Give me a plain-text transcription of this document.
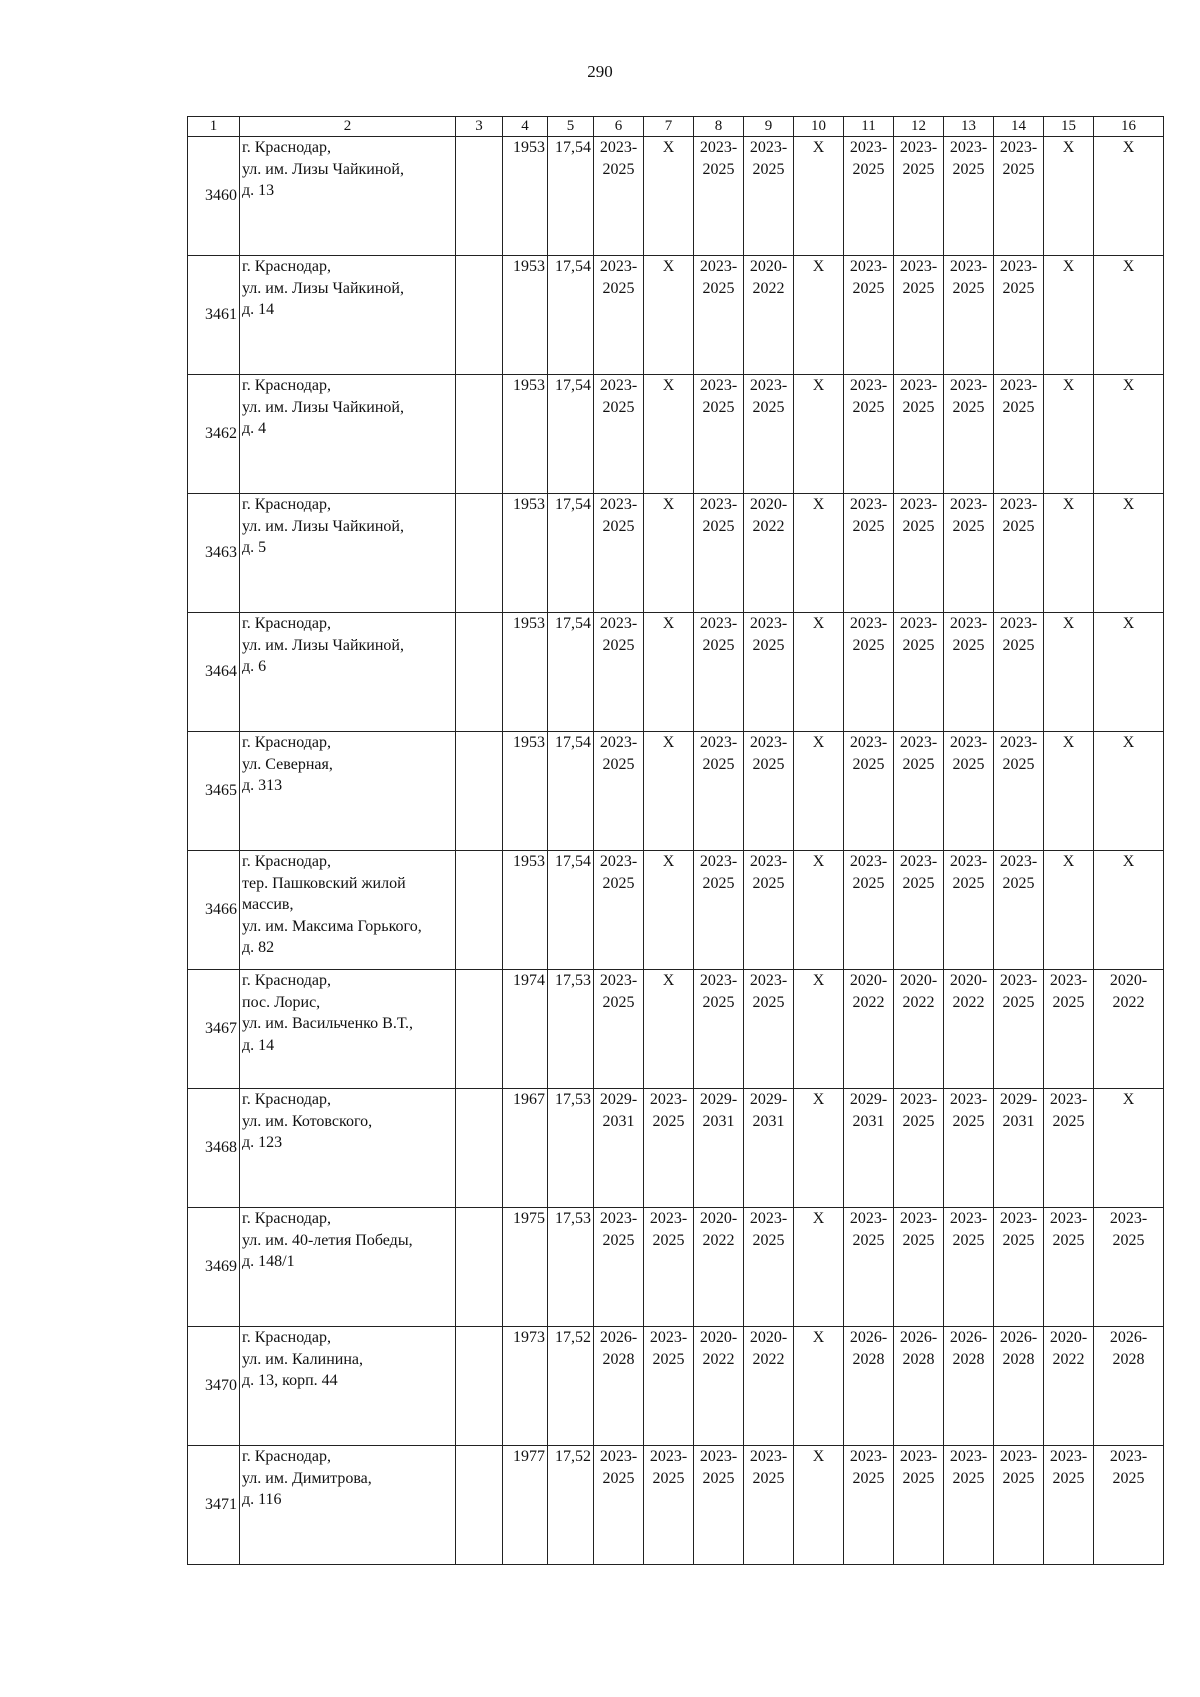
290
1	2	3	4	5	6	7	8	9	10	11	12	13	14	15	16
3460	г. Краснодар,
ул. им. Лизы Чайкиной,
д. 13		1953	17,54	2023-
2025	X	2023-
2025	2023-
2025	X	2023-
2025	2023-
2025	2023-
2025	2023-
2025	X	X
3461	г. Краснодар,
ул. им. Лизы Чайкиной,
д. 14		1953	17,54	2023-
2025	X	2023-
2025	2020-
2022	X	2023-
2025	2023-
2025	2023-
2025	2023-
2025	X	X
3462	г. Краснодар,
ул. им. Лизы Чайкиной,
д. 4		1953	17,54	2023-
2025	X	2023-
2025	2023-
2025	X	2023-
2025	2023-
2025	2023-
2025	2023-
2025	X	X
3463	г. Краснодар,
ул. им. Лизы Чайкиной,
д. 5		1953	17,54	2023-
2025	X	2023-
2025	2020-
2022	X	2023-
2025	2023-
2025	2023-
2025	2023-
2025	X	X
3464	г. Краснодар,
ул. им. Лизы Чайкиной,
д. 6		1953	17,54	2023-
2025	X	2023-
2025	2023-
2025	X	2023-
2025	2023-
2025	2023-
2025	2023-
2025	X	X
3465	г. Краснодар,
ул. Северная,
д. 313		1953	17,54	2023-
2025	X	2023-
2025	2023-
2025	X	2023-
2025	2023-
2025	2023-
2025	2023-
2025	X	X
3466	г. Краснодар,
тер. Пашковский жилой
массив,
ул. им. Максима Горького,
д. 82		1953	17,54	2023-
2025	X	2023-
2025	2023-
2025	X	2023-
2025	2023-
2025	2023-
2025	2023-
2025	X	X
3467	г. Краснодар,
пос. Лорис,
ул. им. Васильченко В.Т.,
д. 14		1974	17,53	2023-
2025	X	2023-
2025	2023-
2025	X	2020-
2022	2020-
2022	2020-
2022	2023-
2025	2023-
2025	2020-
2022
3468	г. Краснодар,
ул. им. Котовского,
д. 123		1967	17,53	2029-
2031	2023-
2025	2029-
2031	2029-
2031	X	2029-
2031	2023-
2025	2023-
2025	2029-
2031	2023-
2025	X
3469	г. Краснодар,
ул. им. 40-летия Победы,
д. 148/1		1975	17,53	2023-
2025	2023-
2025	2020-
2022	2023-
2025	X	2023-
2025	2023-
2025	2023-
2025	2023-
2025	2023-
2025	2023-
2025
3470	г. Краснодар,
ул. им. Калинина,
д. 13, корп. 44		1973	17,52	2026-
2028	2023-
2025	2020-
2022	2020-
2022	X	2026-
2028	2026-
2028	2026-
2028	2026-
2028	2020-
2022	2026-
2028
3471	г. Краснодар,
ул. им. Димитрова,
д. 116		1977	17,52	2023-
2025	2023-
2025	2023-
2025	2023-
2025	X	2023-
2025	2023-
2025	2023-
2025	2023-
2025	2023-
2025	2023-
2025
